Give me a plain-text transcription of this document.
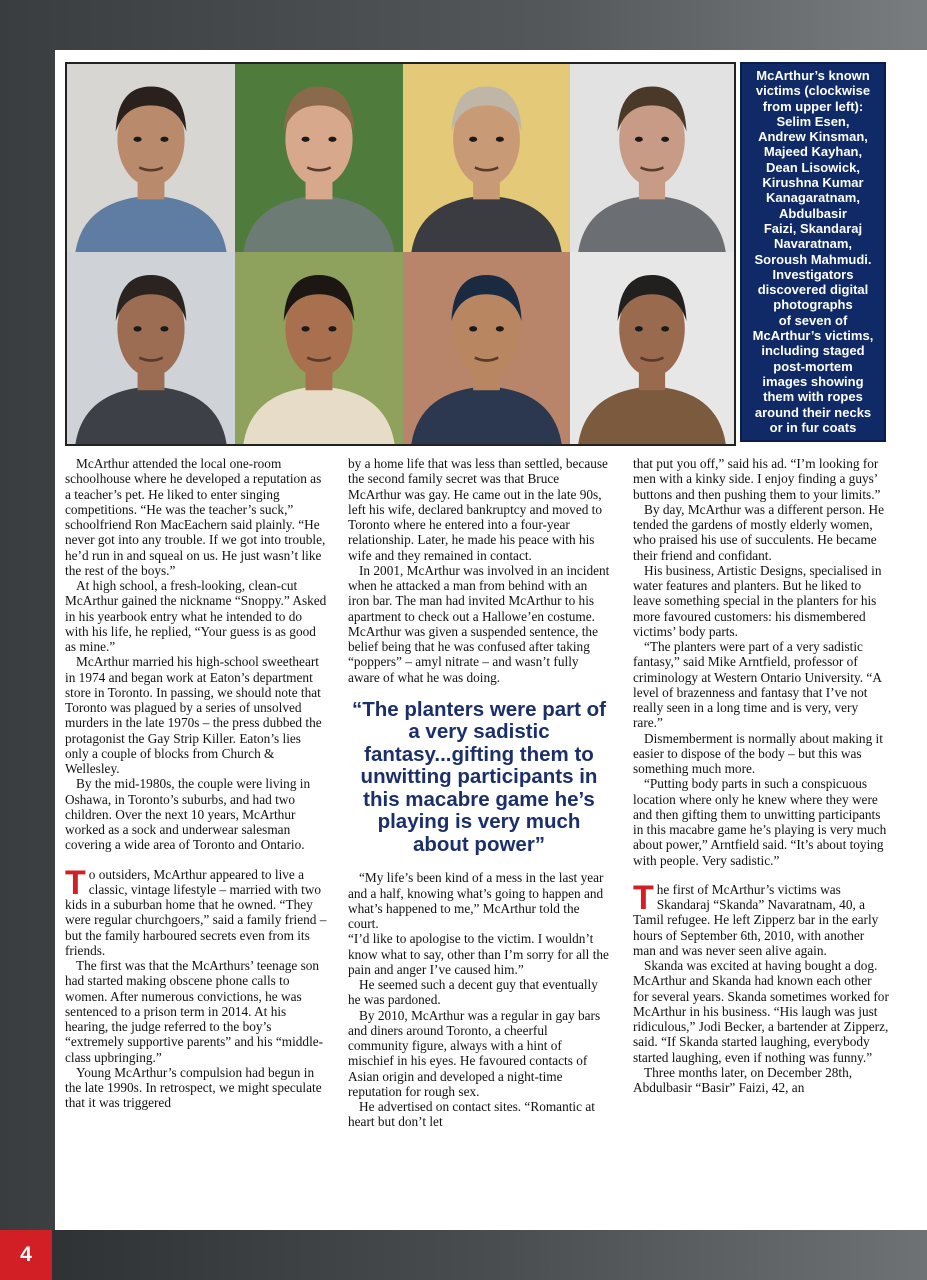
McArthur’s known
victims (clockwise
from upper left):
Selim Esen,
Andrew Kinsman,
Majeed Kayhan,
Dean Lisowick,
Kirushna Kumar
Kanagaratnam,
Abdulbasir
Faizi, Skandaraj
Navaratnam,
Soroush Mahmudi.
Investigators
discovered digital
photographs
of seven of
McArthur’s victims,
including staged
post-mortem
images showing
them with ropes
around their necks
or in fur coats

McArthur attended the local one-room schoolhouse where he developed a reputation as a teacher’s pet. He liked to enter singing competitions. “He was the teacher’s suck,” schoolfriend Ron MacEachern said plainly. “He never got into any trouble. If we got into trouble, he’d run in and squeal on us. He just wasn’t like the rest of the boys.”

At high school, a fresh-looking, clean-cut McArthur gained the nickname “Snoppy.” Asked in his yearbook entry what he intended to do with his life, he replied, “Your guess is as good as mine.”

McArthur married his high-school sweetheart in 1974 and began work at Eaton’s department store in Toronto. In passing, we should note that Toronto was plagued by a series of unsolved murders in the late 1970s – the press dubbed the protagonist the Gay Strip Killer. Eaton’s lies only a couple of blocks from Church & Wellesley.

By the mid-1980s, the couple were living in Oshawa, in Toronto’s suburbs, and had two children. Over the next 10 years, McArthur worked as a sock and underwear salesman covering a wide area of Toronto and Ontario.

To outsiders, McArthur appeared to live a classic, vintage lifestyle – married with two kids in a suburban home that he owned. “They were regular churchgoers,” said a family friend – but the family harboured secrets even from its friends.

The first was that the McArthurs’ teenage son had started making obscene phone calls to women. After numerous convictions, he was sentenced to a prison term in 2014. At his hearing, the judge referred to the boy’s “extremely supportive parents” and his “middle-class upbringing.”

Young McArthur’s compulsion had begun in the late 1990s. In retrospect, we might speculate that it was triggered

by a home life that was less than settled, because the second family secret was that Bruce McArthur was gay. He came out in the late 90s, left his wife, declared bankruptcy and moved to Toronto where he entered into a four-year relationship. Later, he made his peace with his wife and they remained in contact.

In 2001, McArthur was involved in an incident when he attacked a man from behind with an iron bar. The man had invited McArthur to his apartment to check out a Hallowe’en costume. McArthur was given a suspended sentence, the belief being that he was confused after taking “poppers” – amyl nitrate – and wasn’t fully aware of what he was doing.

“The planters were part of a very sadistic fantasy...gifting them to unwitting participants in this macabre game he’s playing is very much about power”

“My life’s been kind of a mess in the last year and a half, knowing what’s going to happen and what’s happened to me,” McArthur told the court.

“I’d like to apologise to the victim. I wouldn’t know what to say, other than I’m sorry for all the pain and anger I’ve caused him.”

He seemed such a decent guy that eventually he was pardoned.

By 2010, McArthur was a regular in gay bars and diners around Toronto, a cheerful community figure, always with a hint of mischief in his eyes. He favoured contacts of Asian origin and developed a night-time reputation for rough sex.

He advertised on contact sites. “Romantic at heart but don’t let

that put you off,” said his ad. “I’m looking for men with a kinky side. I enjoy finding a guys’ buttons and then pushing them to your limits.”

By day, McArthur was a different person. He tended the gardens of mostly elderly women, who praised his use of succulents. He became their friend and confidant.

His business, Artistic Designs, specialised in water features and planters. But he liked to leave something special in the planters for his more favoured customers: his dismembered victims’ body parts.

“The planters were part of a very sadistic fantasy,” said Mike Arntfield, professor of criminology at Western Ontario University. “A level of brazenness and fantasy that I’ve not really seen in a long time and is very, very rare.”

Dismemberment is normally about making it easier to dispose of the body – but this was something much more.

“Putting body parts in such a conspicuous location where only he knew where they were and then gifting them to unwitting participants in this macabre game he’s playing is very much about power,” Arntfield said. “It’s about toying with people. Very sadistic.”

The first of McArthur’s victims was Skandaraj “Skanda” Navaratnam, 40, a Tamil refugee. He left Zipperz bar in the early hours of September 6th, 2010, with another man and was never seen alive again.

Skanda was excited at having bought a dog. McArthur and Skanda had known each other for several years. Skanda sometimes worked for McArthur in his business. “His laugh was just ridiculous,” Jodi Becker, a bartender at Zipperz, said. “If Skanda started laughing, everybody started laughing, even if nothing was funny.”

Three months later, on December 28th, Abdulbasir “Basir” Faizi, 42, an

4
